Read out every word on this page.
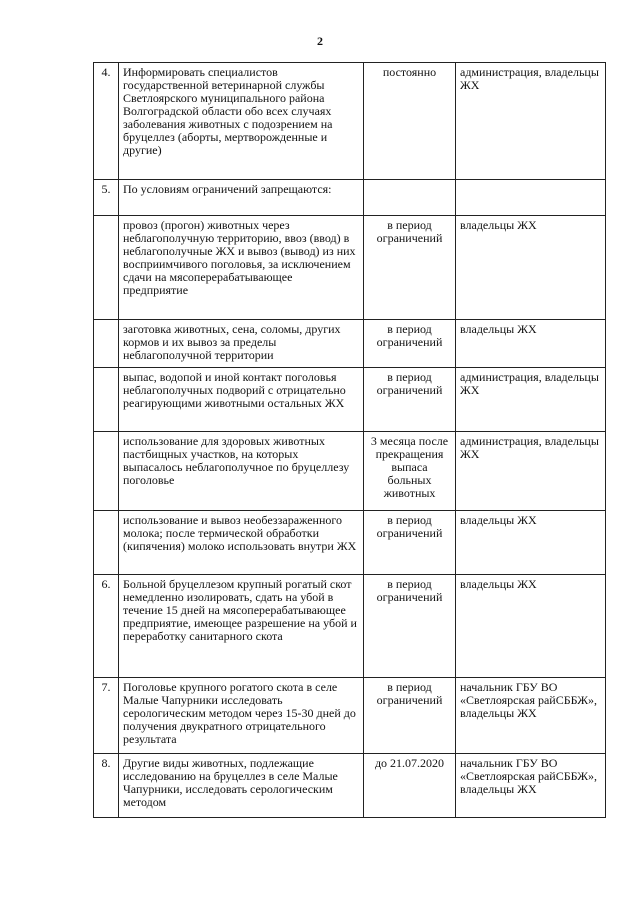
2
4.	Информировать специалистов государственной ветеринарной службы Светлоярского муниципального района Волгоградской области обо всех случаях заболевания животных с подозрением на бруцеллез (аборты, мертворожденные и другие)	постоянно	администрация, владельцы ЖХ
5.	По условиям ограничений запрещаются:		
	провоз (прогон) животных через неблагополучную территорию, ввоз (ввод) в неблагополучные ЖХ и вывоз (вывод) из них восприимчивого поголовья, за исключением сдачи на мясоперерабатывающее предприятие	в период ограничений	владельцы ЖХ
	заготовка животных, сена, соломы, других кормов и их вывоз за пределы неблагополучной территории	в период ограничений	владельцы ЖХ
	выпас, водопой и иной контакт поголовья неблагополучных подворий с отрицательно реагирующими животными остальных ЖХ	в период ограничений	администрация, владельцы ЖХ
	использование для здоровых животных пастбищных участков, на которых выпасалось неблагополучное по бруцеллезу поголовье	3 месяца после прекращения выпаса больных животных	администрация, владельцы ЖХ
	использование и вывоз необеззараженного молока; после термической обработки (кипячения) молоко использовать внутри ЖХ	в период ограничений	владельцы ЖХ
6.	Больной бруцеллезом крупный рогатый скот немедленно изолировать, сдать на убой в течение 15 дней на мясоперерабатывающее предприятие, имеющее разрешение на убой и переработку санитарного скота	в период ограничений	владельцы ЖХ
7.	Поголовье крупного рогатого скота в селе Малые Чапурники исследовать серологическим методом через 15-30 дней до получения двукратного отрицательного результата	в период ограничений	начальник ГБУ ВО «Светлоярская райСББЖ», владельцы ЖХ
8.	Другие виды животных, подлежащие исследованию на бруцеллез в селе Малые Чапурники, исследовать серологическим методом	до 21.07.2020	начальник ГБУ ВО «Светлоярская райСББЖ», владельцы ЖХ
